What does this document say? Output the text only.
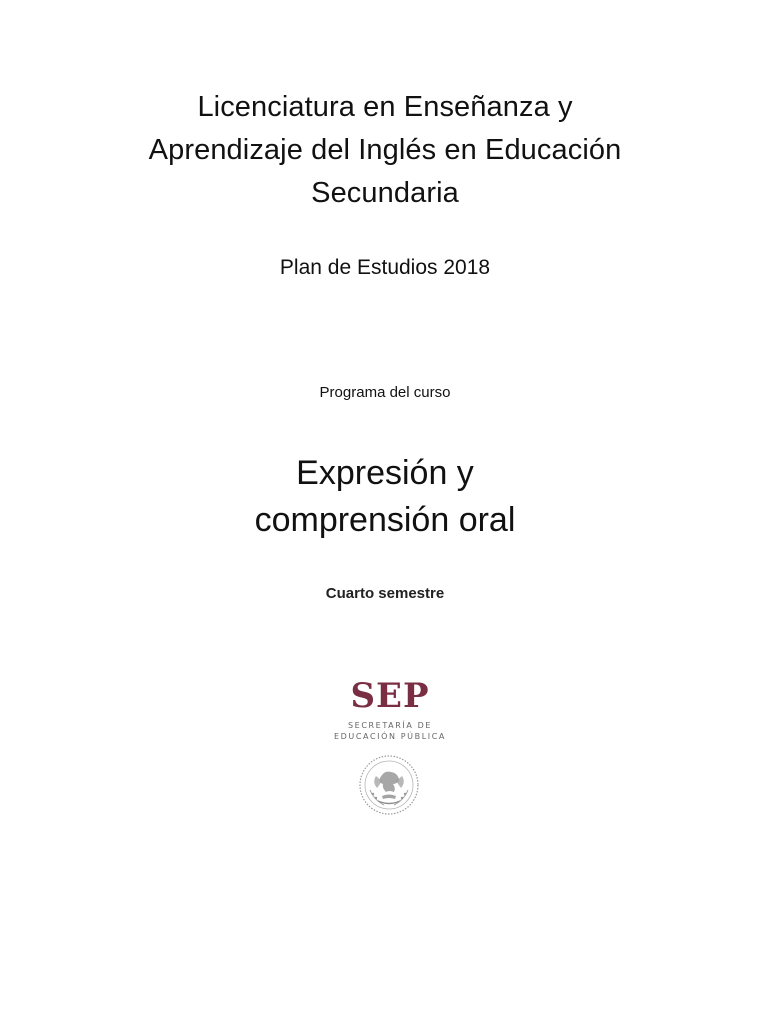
Licenciatura en Enseñanza y
Aprendizaje del Inglés en Educación
Secundaria
Plan de Estudios 2018
Programa del curso
Expresión y
comprensión oral
Cuarto semestre
SEP
SECRETARÍA DE
EDUCACIÓN PÚBLICA
